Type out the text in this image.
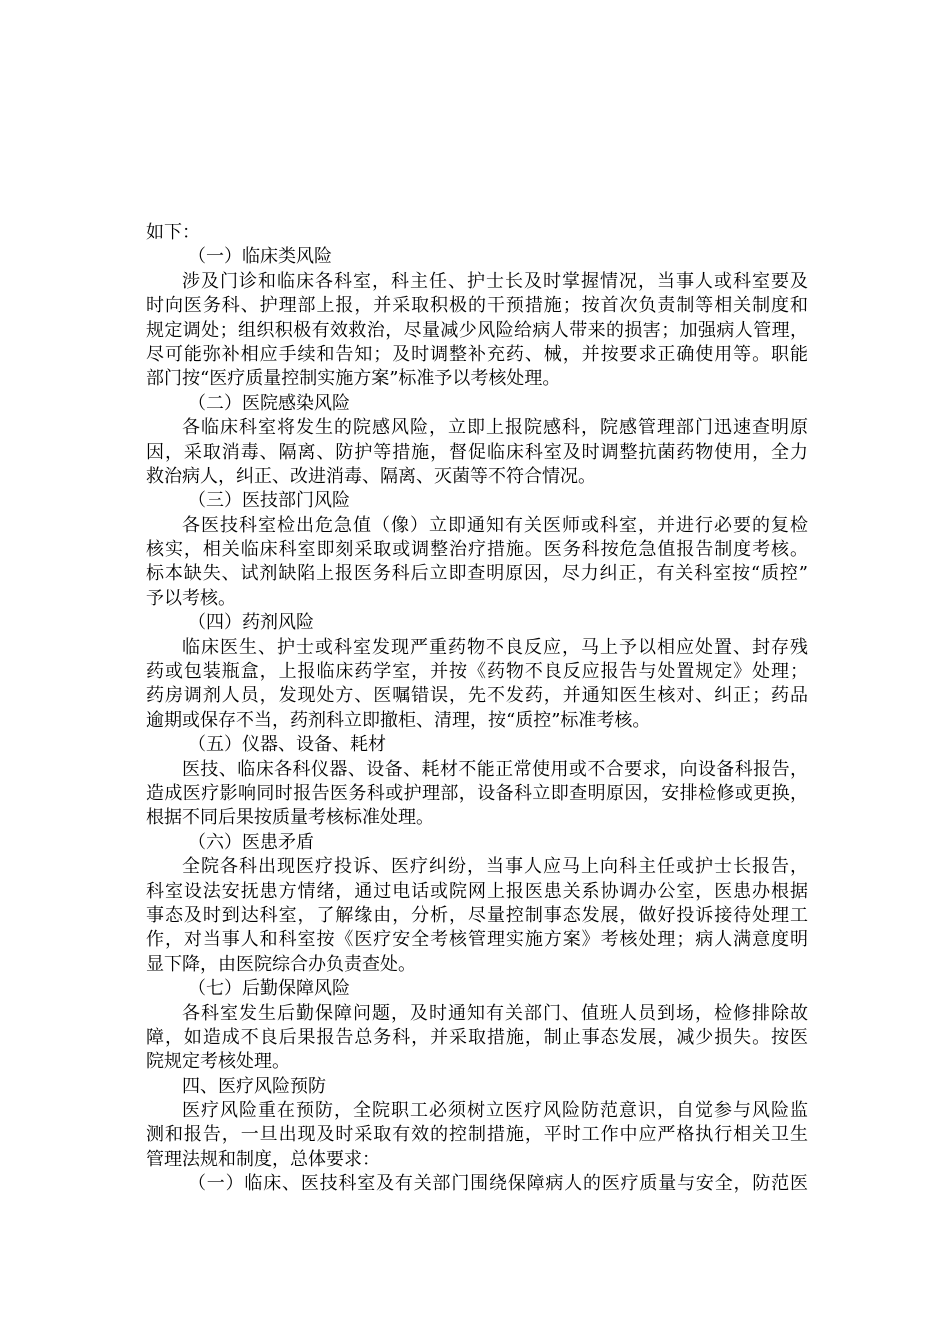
如下：
（一）临床类风险
涉及门诊和临床各科室，科主任、护士长及时掌握情况，当事人或科室要及
时向医务科、护理部上报，并采取积极的干预措施；按首次负责制等相关制度和
规定调处；组织积极有效救治，尽量减少风险给病人带来的损害；加强病人管理，
尽可能弥补相应手续和告知；及时调整补充药、械，并按要求正确使用等。职能
部门按“医疗质量控制实施方案”标准予以考核处理。
（二）医院感染风险
各临床科室将发生的院感风险，立即上报院感科，院感管理部门迅速查明原
因，采取消毒、隔离、防护等措施，督促临床科室及时调整抗菌药物使用，全力
救治病人，纠正、改进消毒、隔离、灭菌等不符合情况。
（三）医技部门风险
各医技科室检出危急值（像）立即通知有关医师或科室，并进行必要的复检
核实，相关临床科室即刻采取或调整治疗措施。医务科按危急值报告制度考核。
标本缺失、试剂缺陷上报医务科后立即查明原因，尽力纠正，有关科室按“质控”
予以考核。
（四）药剂风险
临床医生、护士或科室发现严重药物不良反应，马上予以相应处置、封存残
药或包装瓶盒，上报临床药学室，并按《药物不良反应报告与处置规定》处理；
药房调剂人员，发现处方、医嘱错误，先不发药，并通知医生核对、纠正；药品
逾期或保存不当，药剂科立即撤柜、清理，按“质控”标准考核。
（五）仪器、设备、耗材
医技、临床各科仪器、设备、耗材不能正常使用或不合要求，向设备科报告，
造成医疗影响同时报告医务科或护理部，设备科立即查明原因，安排检修或更换，
根据不同后果按质量考核标准处理。
（六）医患矛盾
全院各科出现医疗投诉、医疗纠纷，当事人应马上向科主任或护士长报告，
科室设法安抚患方情绪，通过电话或院网上报医患关系协调办公室，医患办根据
事态及时到达科室，了解缘由，分析，尽量控制事态发展，做好投诉接待处理工
作，对当事人和科室按《医疗安全考核管理实施方案》考核处理；病人满意度明
显下降，由医院综合办负责查处。
（七）后勤保障风险
各科室发生后勤保障问题，及时通知有关部门、值班人员到场，检修排除故
障，如造成不良后果报告总务科，并采取措施，制止事态发展，减少损失。按医
院规定考核处理。
四、医疗风险预防
医疗风险重在预防，全院职工必须树立医疗风险防范意识，自觉参与风险监
测和报告，一旦出现及时采取有效的控制措施，平时工作中应严格执行相关卫生
管理法规和制度，总体要求：
（一）临床、医技科室及有关部门围绕保障病人的医疗质量与安全，防范医
